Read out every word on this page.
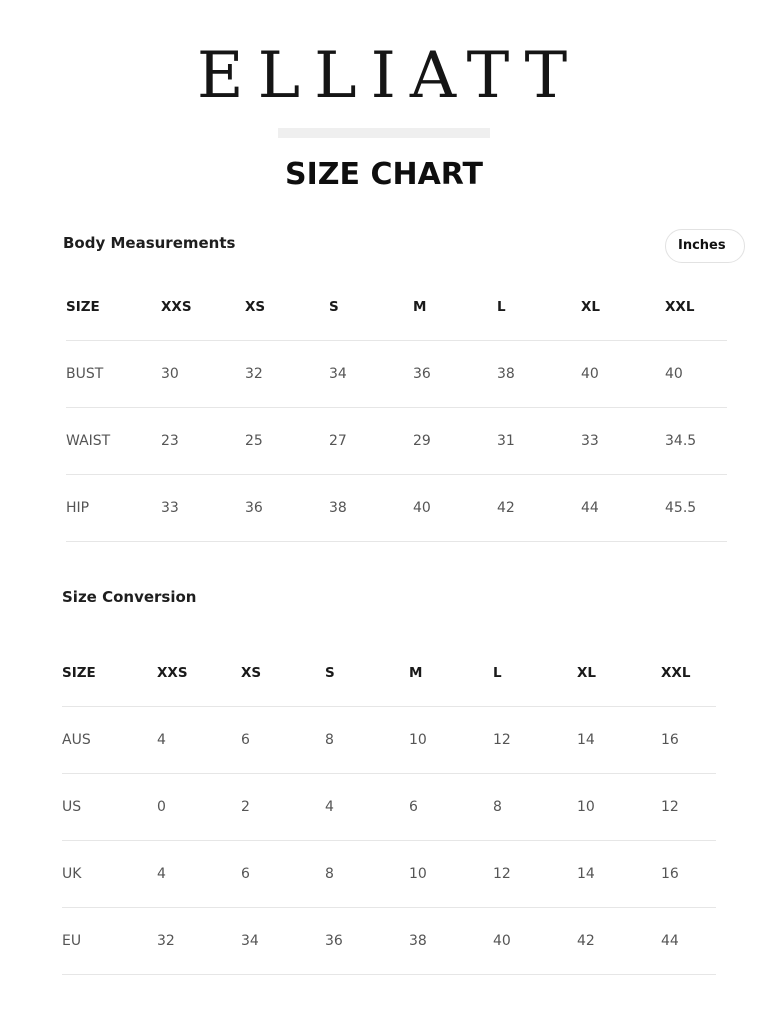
ELLIATT
SIZE CHART
Body Measurements	Inches
SIZE	XXS	XS	S	M	L	XL	XXL
BUST	30	32	34	36	38	40	40
WAIST	23	25	27	29	31	33	34.5
HIP	33	36	38	40	42	44	45.5
Size Conversion
SIZE	XXS	XS	S	M	L	XL	XXL
AUS	4	6	8	10	12	14	16
US	0	2	4	6	8	10	12
UK	4	6	8	10	12	14	16
EU	32	34	36	38	40	42	44
